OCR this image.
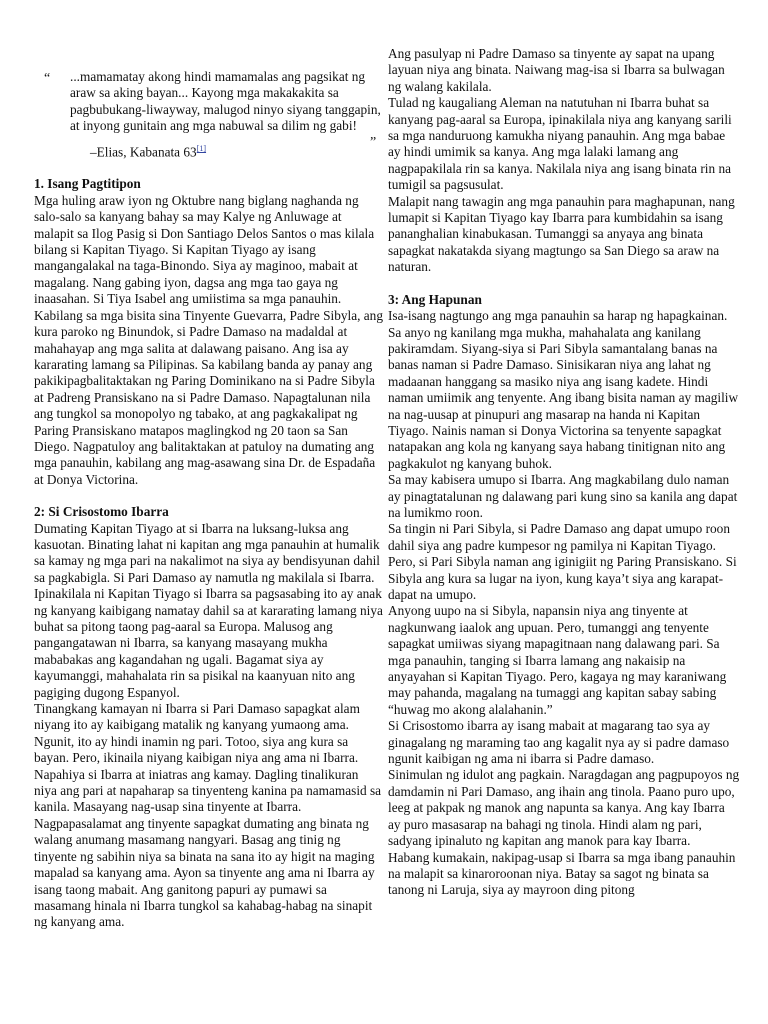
“ ...mamamatay akong hindi mamamalas ang pagsikat ng araw sa aking bayan... Kayong mga makakakita sa pagbubukang-liwayway, malugod ninyo siyang tanggapin, at inyong gunitain ang mga nabuwal sa dilim ng gabi!
”
–Elias, Kabanata 63[1]
1. Isang Pagtitipon

Mga huling araw iyon ng Oktubre nang biglang naghanda ng salo-salo sa kanyang bahay sa may Kalye ng Anluwage at malapit sa Ilog Pasig si Don Santiago Delos Santos o mas kilala bilang si Kapitan Tiyago. Si Kapitan Tiyago ay isang mangangalakal na taga-Binondo. Siya ay maginoo, mabait at magalang. Nang gabing iyon, dagsa ang mga tao gaya ng inaasahan. Si Tiya Isabel ang umiistima sa mga panauhin. Kabilang sa mga bisita sina Tinyente Guevarra, Padre Sibyla, ang kura paroko ng Binundok, si Padre Damaso na madaldal at mahahayap ang mga salita at dalawang paisano. Ang isa ay kararating lamang sa Pilipinas. Sa kabilang banda ay panay ang pakikipagbalitaktakan ng Paring Dominikano na si Padre Sibyla at Padreng Pransiskano na si Padre Damaso. Napagtalunan nila ang tungkol sa monopolyo ng tabako, at ang pagkakalipat ng Paring Pransiskano matapos maglingkod ng 20 taon sa San Diego. Nagpatuloy ang balitaktakan at patuloy na dumating ang mga panauhin, kabilang ang mag-asawang sina Dr. de Espadaña at Donya Victorina.

2: Si Crisostomo Ibarra

Dumating Kapitan Tiyago at si Ibarra na luksang-luksa ang kasuotan. Binating lahat ni kapitan ang mga panauhin at humalik sa kamay ng mga pari na nakalimot na siya ay bendisyunan dahil sa pagkabigla. Si Pari Damaso ay namutla ng makilala si Ibarra.

Ipinakilala ni Kapitan Tiyago si Ibarra sa pagsasabing ito ay anak ng kanyang kaibigang namatay dahil sa at kararating lamang niya buhat sa pitong taong pag-aaral sa Europa. Malusog ang pangangatawan ni Ibarra, sa kanyang masayang mukha mababakas ang kagandahan ng ugali. Bagamat siya ay kayumanggi, mahahalata rin sa pisikal na kaanyuan nito ang pagiging dugong Espanyol.

Tinangkang kamayan ni Ibarra si Pari Damaso sapagkat alam niyang ito ay kaibigang matalik ng kanyang yumaong ama. Ngunit, ito ay hindi inamin ng pari. Totoo, siya ang kura sa bayan. Pero, ikinaila niyang kaibigan niya ang ama ni Ibarra.

Napahiya si Ibarra at iniatras ang kamay. Dagling tinalikuran niya ang pari at napaharap sa tinyenteng kanina pa namamasid sa kanila. Masayang nag-usap sina tinyente at Ibarra. Nagpapasalamat ang tinyente sapagkat dumating ang binata ng walang anumang masamang nangyari. Basag ang tinig ng tinyente ng sabihin niya sa binata na sana ito ay higit na maging mapalad sa kanyang ama. Ayon sa tinyente ang ama ni Ibarra ay isang taong mabait. Ang ganitong papuri ay pumawi sa masamang hinala ni Ibarra tungkol sa kahabag-habag na sinapit ng kanyang ama.

Ang pasulyap ni Padre Damaso sa tinyente ay sapat na upang layuan niya ang binata. Naiwang mag-isa si Ibarra sa bulwagan ng walang kakilala.

Tulad ng kaugaliang Aleman na natutuhan ni Ibarra buhat sa kanyang pag-aaral sa Europa, ipinakilala niya ang kanyang sarili sa mga nanduruong kamukha niyang panauhin. Ang mga babae ay hindi umimik sa kanya. Ang mga lalaki lamang ang nagpapakilala rin sa kanya. Nakilala niya ang isang binata rin na tumigil sa pagsusulat.

Malapit nang tawagin ang mga panauhin para maghapunan, nang lumapit si Kapitan Tiyago kay Ibarra para kumbidahin sa isang pananghalian kinabukasan. Tumanggi sa anyaya ang binata sapagkat nakatakda siyang magtungo sa San Diego sa araw na naturan.

3: Ang Hapunan

Isa-isang nagtungo ang mga panauhin sa harap ng hapagkainan. Sa anyo ng kanilang mga mukha, mahahalata ang kanilang pakiramdam. Siyang-siya si Pari Sibyla samantalang banas na banas naman si Padre Damaso. Sinisikaran niya ang lahat ng madaanan hanggang sa masiko niya ang isang kadete. Hindi naman umiimik ang tenyente. Ang ibang bisita naman ay magiliw na nag-uusap at pinupuri ang masarap na handa ni Kapitan Tiyago. Nainis naman si Donya Victorina sa tenyente sapagkat natapakan ang kola ng kanyang saya habang tinitignan nito ang pagkakulot ng kanyang buhok.

Sa may kabisera umupo si Ibarra. Ang magkabilang dulo naman ay pinagtatalunan ng dalawang pari kung sino sa kanila ang dapat na lumikmo roon.

Sa tingin ni Pari Sibyla, si Padre Damaso ang dapat umupo roon dahil siya ang padre kumpesor ng pamilya ni Kapitan Tiyago. Pero, si Pari Sibyla naman ang iginigiit ng Paring Pransiskano. Si Sibyla ang kura sa lugar na iyon, kung kaya’t siya ang karapat-dapat na umupo.

Anyong uupo na si Sibyla, napansin niya ang tinyente at nagkunwang iaalok ang upuan. Pero, tumanggi ang tenyente sapagkat umiiwas siyang mapagitnaan nang dalawang pari. Sa mga panauhin, tanging si Ibarra lamang ang nakaisip na anyayahan si Kapitan Tiyago. Pero, kagaya ng may karaniwang may pahanda, magalang na tumaggi ang kapitan sabay sabing “huwag mo akong alalahanin.”

Si Crisostomo ibarra ay isang mabait at magarang tao sya ay ginagalang ng maraming tao ang kagalit nya ay si padre damaso ngunit kaibigan ng ama ni ibarra si Padre damaso.

Sinimulan ng idulot ang pagkain. Naragdagan ang pagpupoyos ng damdamin ni Pari Damaso, ang ihain ang tinola. Paano puro upo, leeg at pakpak ng manok ang napunta sa kanya. Ang kay Ibarra ay puro masasarap na bahagi ng tinola. Hindi alam ng pari, sadyang ipinaluto ng kapitan ang manok para kay Ibarra.

Habang kumakain, nakipag-usap si Ibarra sa mga ibang panauhin na malapit sa kinaroroonan niya. Batay sa sagot ng binata sa tanong ni Laruja, siya ay mayroon ding pitong
